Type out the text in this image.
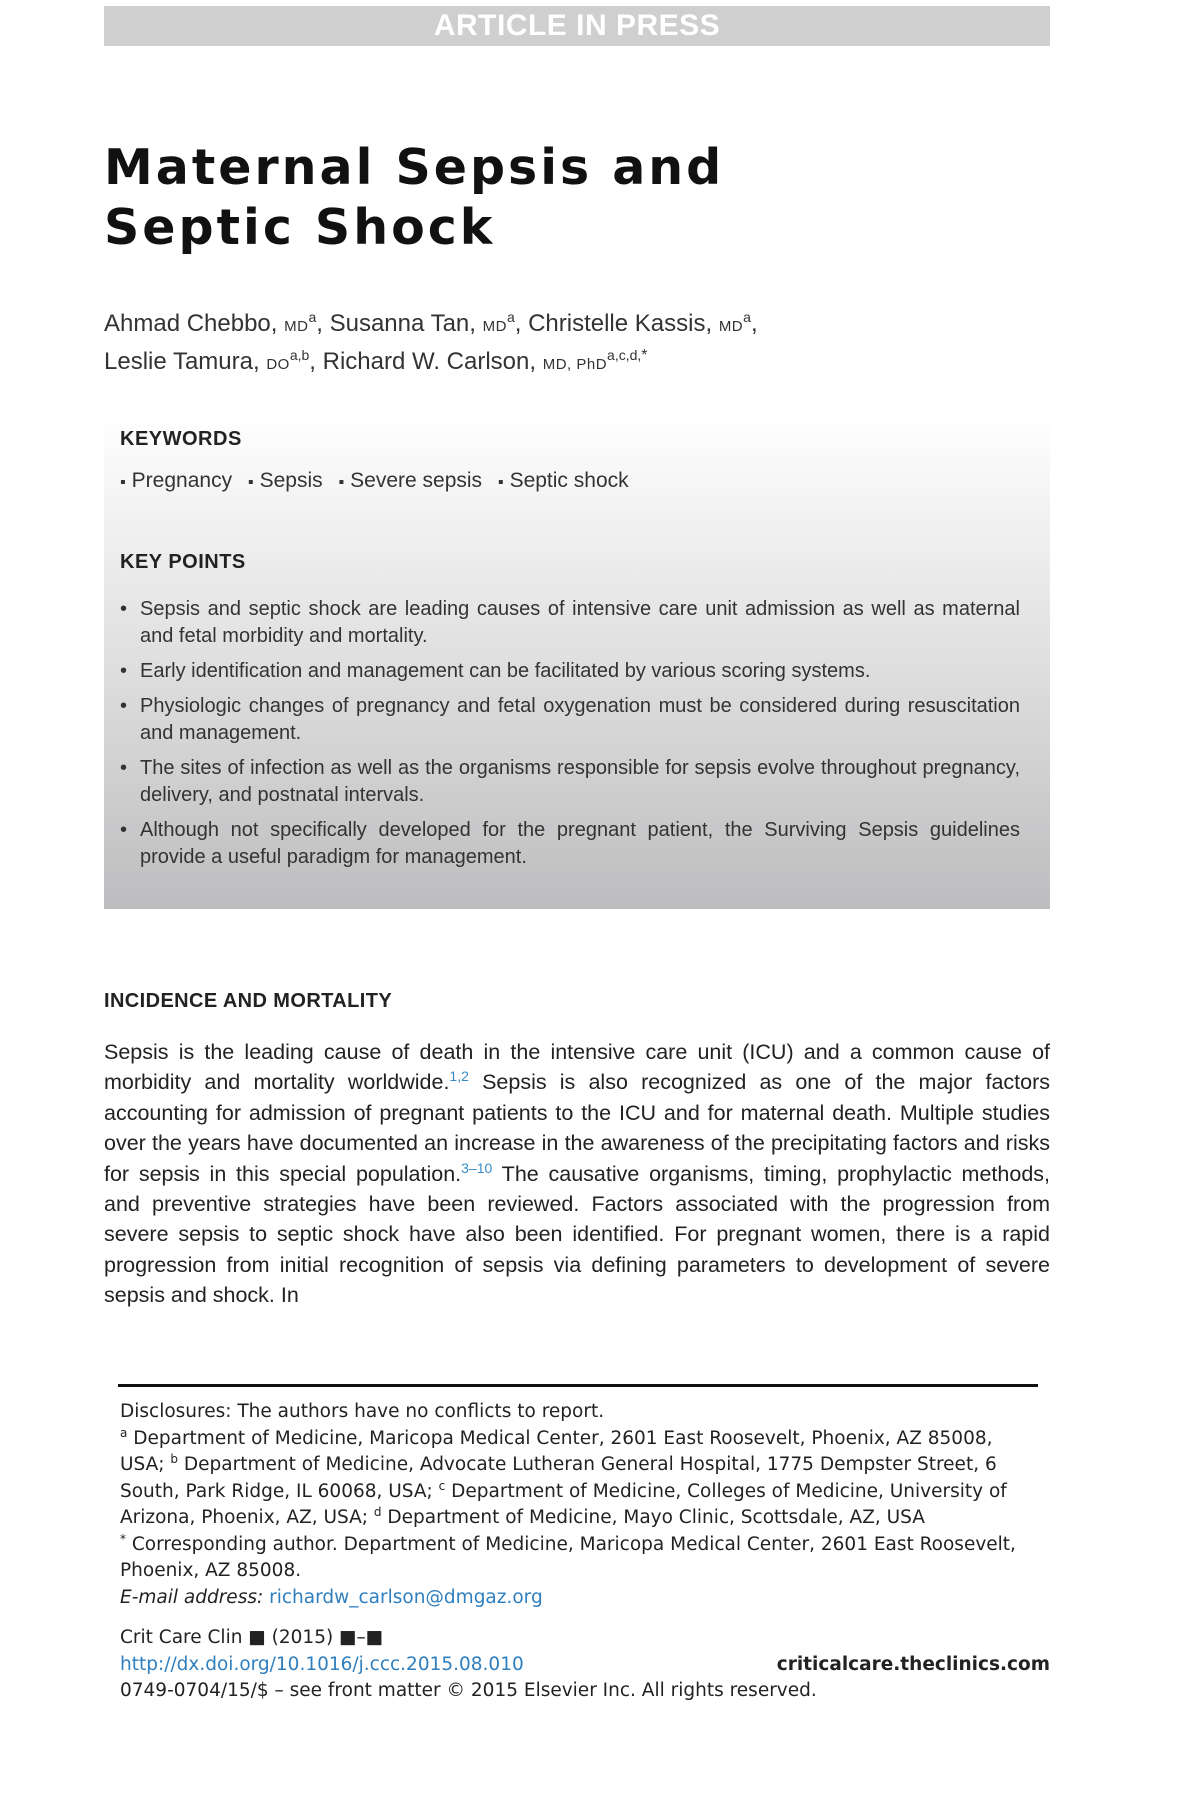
ARTICLE IN PRESS
Maternal Sepsis and
Septic Shock
Ahmad Chebbo, MD$^a$, Susanna Tan, MD$^a$, Christelle Kassis, MD$^a$,
Leslie Tamura, DO$^{a,b}$, Richard W. Carlson, MD, PhD$^{a,c,d,*}$
KEYWORDS
▪ Pregnancy ▪ Sepsis ▪ Severe sepsis ▪ Septic shock
KEY POINTS
• Sepsis and septic shock are leading causes of intensive care unit admission as well as maternal and fetal morbidity and mortality.
• Early identification and management can be facilitated by various scoring systems.
• Physiologic changes of pregnancy and fetal oxygenation must be considered during resuscitation and management.
• The sites of infection as well as the organisms responsible for sepsis evolve throughout pregnancy, delivery, and postnatal intervals.
• Although not specifically developed for the pregnant patient, the Surviving Sepsis guidelines provide a useful paradigm for management.
INCIDENCE AND MORTALITY

Sepsis is the leading cause of death in the intensive care unit (ICU) and a common cause of morbidity and mortality worldwide.$^{1,2}$ Sepsis is also recognized as one of the major factors accounting for admission of pregnant patients to the ICU and for maternal death. Multiple studies over the years have documented an increase in the awareness of the precipitating factors and risks for sepsis in this special population.$^{3-10}$ The causative organisms, timing, prophylactic methods, and preventive strategies have been reviewed. Factors associated with the progression from severe sepsis to septic shock have also been identified. For pregnant women, there is a rapid progression from initial recognition of sepsis via defining parameters to development of severe sepsis and shock. In

Disclosures: The authors have no conflicts to report.

$^a$ Department of Medicine, Maricopa Medical Center, 2601 East Roosevelt, Phoenix, AZ 85008, USA; $^b$ Department of Medicine, Advocate Lutheran General Hospital, 1775 Dempster Street, 6 South, Park Ridge, IL 60068, USA; $^c$ Department of Medicine, Colleges of Medicine, University of Arizona, Phoenix, AZ, USA; $^d$ Department of Medicine, Mayo Clinic, Scottsdale, AZ, USA

* Corresponding author. Department of Medicine, Maricopa Medical Center, 2601 East Roosevelt, Phoenix, AZ 85008.

E-mail address: richardw_carlson@dmgaz.org

Crit Care Clin ■ (2015) ■–■

http://dx.doi.org/10.1016/j.ccc.2015.08.010	criticalcare.theclinics.com

0749-0704/15/$ – see front matter © 2015 Elsevier Inc. All rights reserved.
